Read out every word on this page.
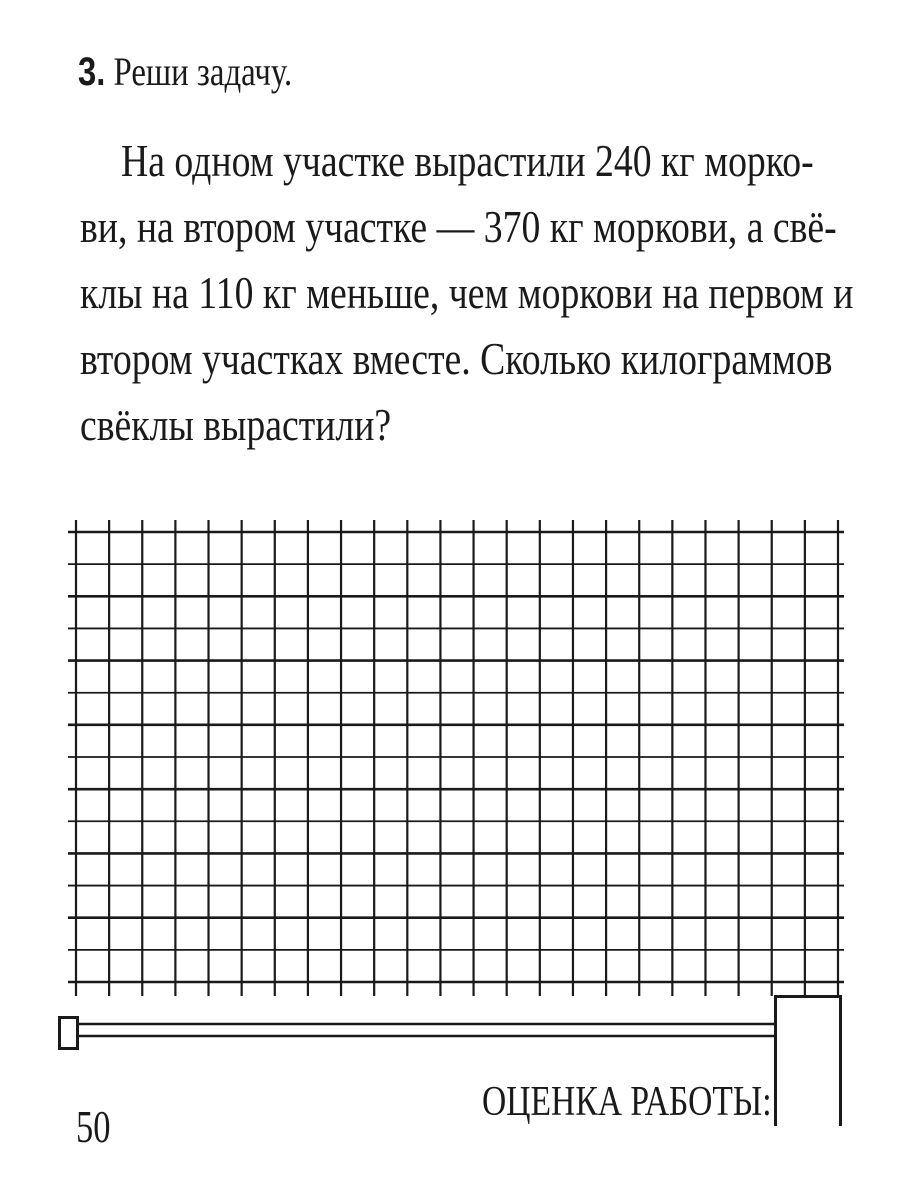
3. Реши задачу.
На одном участке вырастили 240 кг морко-
ви, на втором участке — 370 кг моркови, а свё-
клы на 110 кг меньше, чем моркови на первом и
втором участках вместе. Сколько килограммов
свёклы вырастили?
ОЦЕНКА РАБОТЫ:
50
